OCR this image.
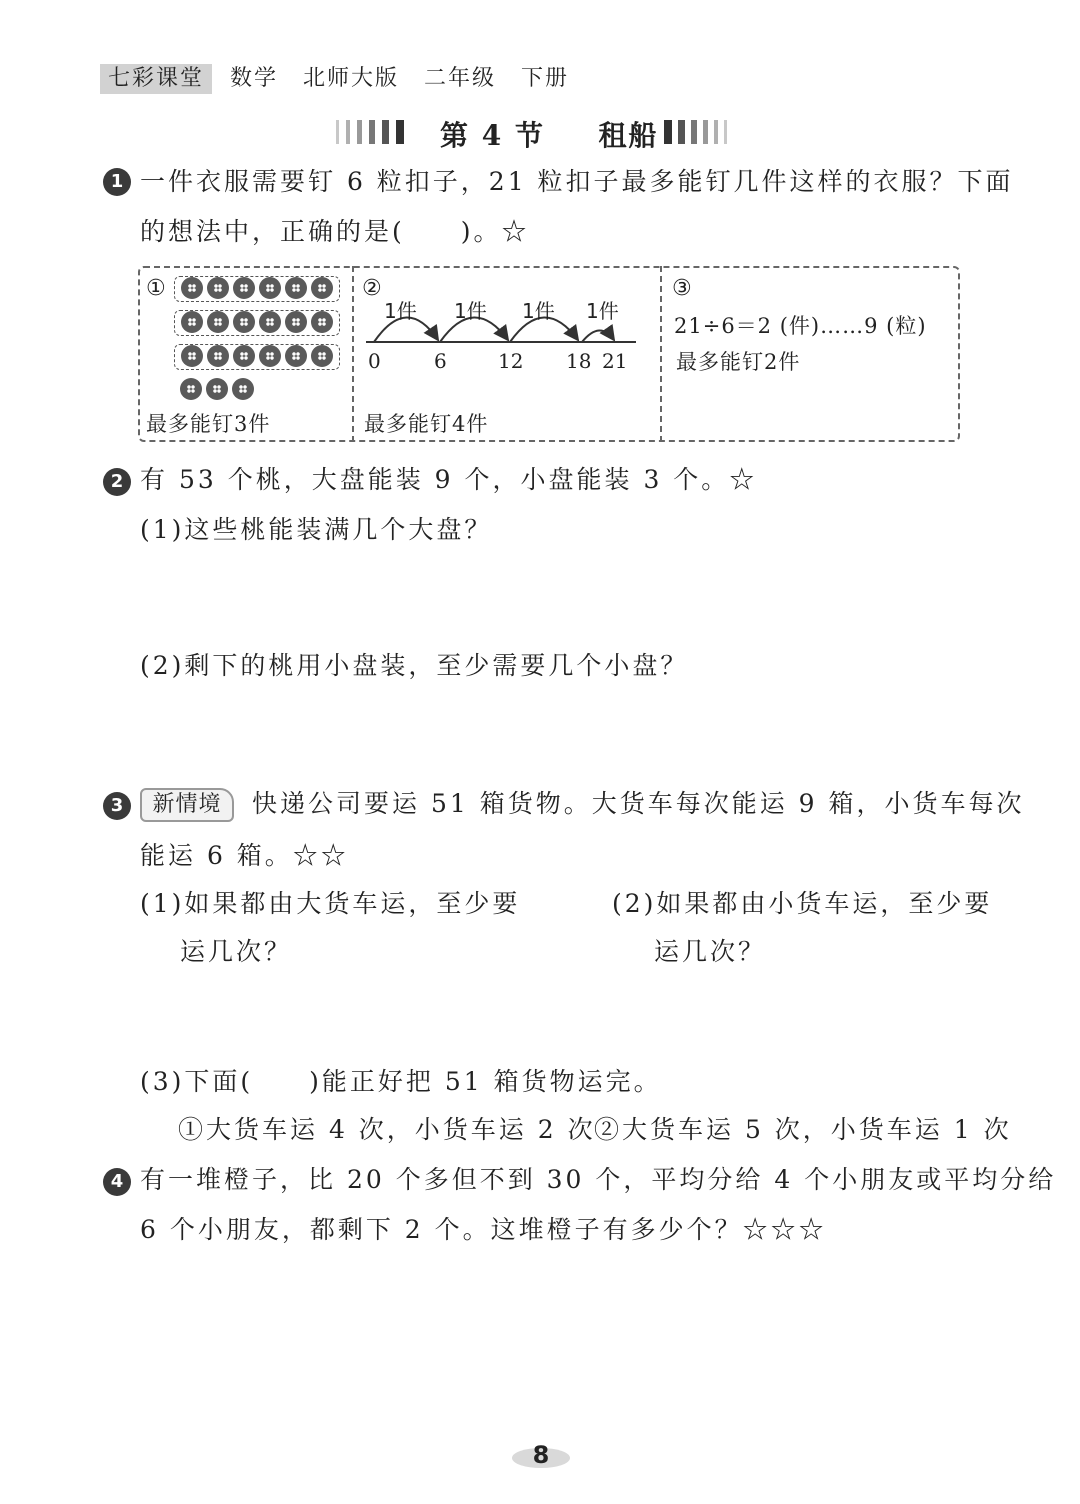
七彩课堂	数学 北师大版 二年级 下册
第 4 节 租船
1 一件衣服需要钉 6 粒扣子，21 粒扣子最多能钉几件这样的衣服？下面
的想法中，正确的是(　　)。☆
①
最多能钉3件
②
1件 1件 1件 1件
0	6	12 18 21
最多能钉4件
③
21÷6＝2 (件)……9 (粒)
最多能钉2件
2 有 53 个桃，大盘能装 9 个，小盘能装 3 个。☆
(1)这些桃能装满几个大盘？
(2)剩下的桃用小盘装，至少需要几个小盘？
3	新情境	快递公司要运 51 箱货物。大货车每次能运 9 箱，小货车每次
能运 6 箱。☆☆
(1)如果都由大货车运，至少要
运几次？
(2)如果都由小货车运，至少要
运几次？
(3)下面(　　)能正好把 51 箱货物运完。
①大货车运 4 次，小货车运 2 次
②大货车运 5 次，小货车运 1 次
4 有一堆橙子，比 20 个多但不到 30 个，平均分给 4 个小朋友或平均分给
6 个小朋友，都剩下 2 个。这堆橙子有多少个？☆☆☆
8
